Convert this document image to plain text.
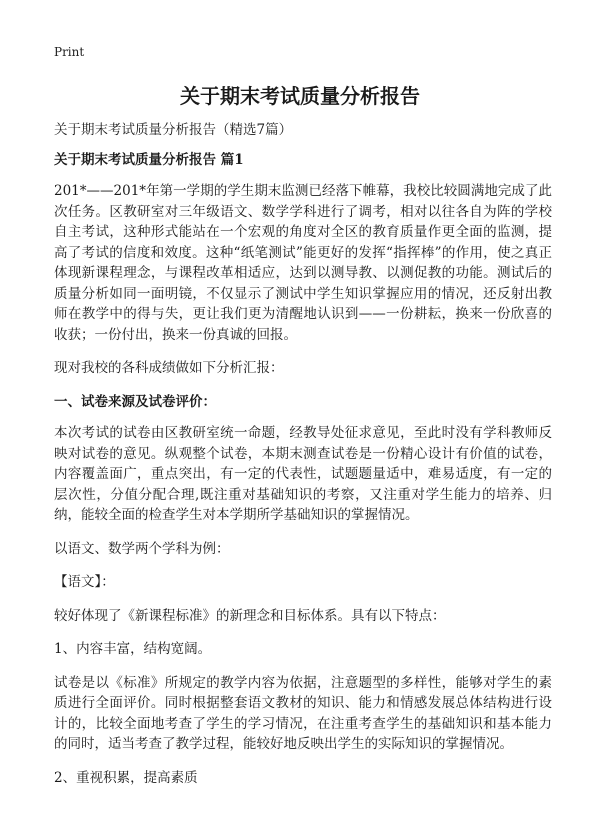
Print
关于期末考试质量分析报告

关于期末考试质量分析报告（精选7篇）

关于期末考试质量分析报告 篇1

201*——201*年第一学期的学生期末监测已经落下帷幕，我校比较圆满地完成了此次任务。区教研室对三年级语文、数学学科进行了调考，相对以往各自为阵的学校自主考试，这种形式能站在一个宏观的角度对全区的教育质量作更全面的监测，提高了考试的信度和效度。这种“纸笔测试”能更好的发挥“指挥棒”的作用，使之真正体现新课程理念，与课程改革相适应，达到以测导教、以测促教的功能。测试后的质量分析如同一面明镜，不仅显示了测试中学生知识掌握应用的情况，还反射出教师在教学中的得与失，更让我们更为清醒地认识到——一份耕耘，换来一份欣喜的收获；一份付出，换来一份真诚的回报。

现对我校的各科成绩做如下分析汇报：

一、试卷来源及试卷评价：

本次考试的试卷由区教研室统一命题，经教导处征求意见，至此时没有学科教师反映对试卷的意见。纵观整个试卷，本期末测查试卷是一份精心设计有价值的试卷，内容覆盖面广，重点突出，有一定的代表性，试题题量适中，难易适度，有一定的层次性，分值分配合理,既注重对基础知识的考察，又注重对学生能力的培养、归纳，能较全面的检查学生对本学期所学基础知识的掌握情况。

以语文、数学两个学科为例：

【语文】：

较好体现了《新课程标准》的新理念和目标体系。具有以下特点：

1、内容丰富，结构宽阔。

试卷是以《标准》所规定的教学内容为依据，注意题型的多样性，能够对学生的素质进行全面评价。同时根据整套语文教材的知识、能力和情感发展总体结构进行设计的，比较全面地考查了学生的学习情况，在注重考查学生的基础知识和基本能力的同时，适当考查了教学过程，能较好地反映出学生的实际知识的掌握情况。

2、重视积累，提高素质
